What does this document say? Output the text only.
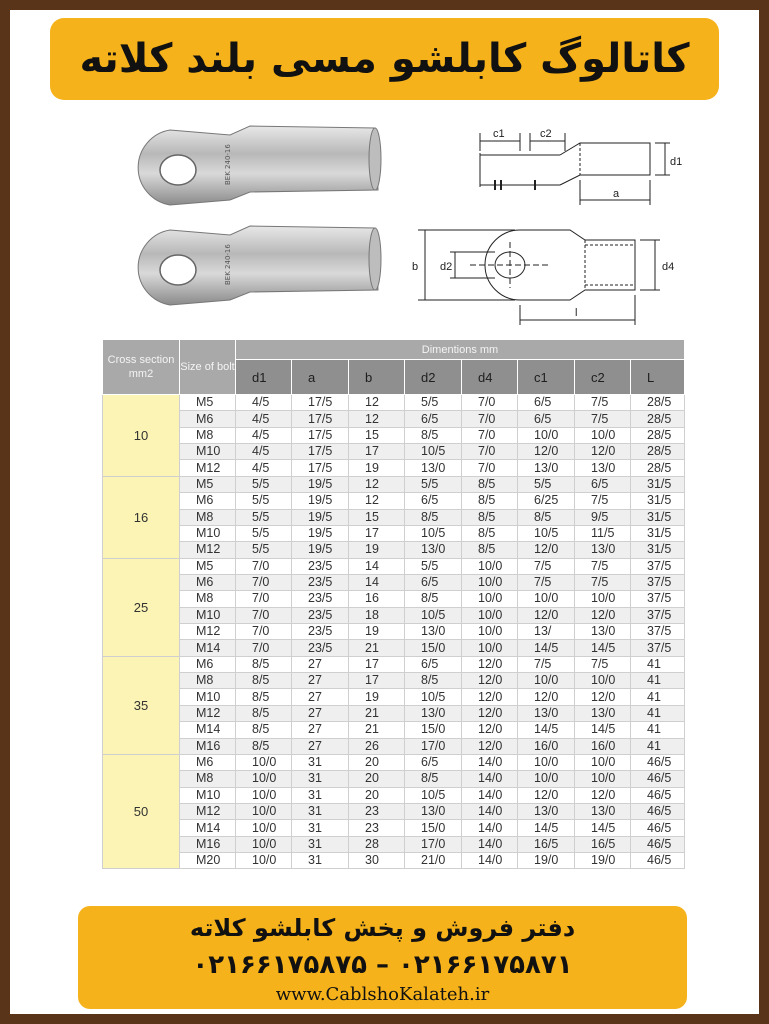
کاتالوگ کابلشو مسی بلند کلاته
BEK 240-16
BEK 240-16
c1	c2
d1
a
b d2	d4
l
Cross section mm2	Size of bolt	Dimentions mm							
		d1	a	b	d2	d4	c1	c2	L
10	M5	4/5	17/5	12	5/5	7/0	6/5	7/5	28/5
	M6	4/5	17/5	12	6/5	7/0	6/5	7/5	28/5
	M8	4/5	17/5	15	8/5	7/0	10/0	10/0	28/5
	M10	4/5	17/5	17	10/5	7/0	12/0	12/0	28/5
	M12	4/5	17/5	19	13/0	7/0	13/0	13/0	28/5
16	M5	5/5	19/5	12	5/5	8/5	5/5	6/5	31/5
	M6	5/5	19/5	12	6/5	8/5	6/25	7/5	31/5
	M8	5/5	19/5	15	8/5	8/5	8/5	9/5	31/5
	M10	5/5	19/5	17	10/5	8/5	10/5	11/5	31/5
	M12	5/5	19/5	19	13/0	8/5	12/0	13/0	31/5
25	M5	7/0	23/5	14	5/5	10/0	7/5	7/5	37/5
	M6	7/0	23/5	14	6/5	10/0	7/5	7/5	37/5
	M8	7/0	23/5	16	8/5	10/0	10/0	10/0	37/5
	M10	7/0	23/5	18	10/5	10/0	12/0	12/0	37/5
	M12	7/0	23/5	19	13/0	10/0	13/	13/0	37/5
	M14	7/0	23/5	21	15/0	10/0	14/5	14/5	37/5
35	M6	8/5	27	17	6/5	12/0	7/5	7/5	41
	M8	8/5	27	17	8/5	12/0	10/0	10/0	41
	M10	8/5	27	19	10/5	12/0	12/0	12/0	41
	M12	8/5	27	21	13/0	12/0	13/0	13/0	41
	M14	8/5	27	21	15/0	12/0	14/5	14/5	41
	M16	8/5	27	26	17/0	12/0	16/0	16/0	41
50	M6	10/0	31	20	6/5	14/0	10/0	10/0	46/5
	M8	10/0	31	20	8/5	14/0	10/0	10/0	46/5
	M10	10/0	31	20	10/5	14/0	12/0	12/0	46/5
	M12	10/0	31	23	13/0	14/0	13/0	13/0	46/5
	M14	10/0	31	23	15/0	14/0	14/5	14/5	46/5
	M16	10/0	31	28	17/0	14/0	16/5	16/5	46/5
	M20	10/0	31	30	21/0	14/0	19/0	19/0	46/5
دفتر فروش و پخش کابلشو کلاته
۰۲۱۶۶۱۷۵۸۷۵ – ۰۲۱۶۶۱۷۵۸۷۱
www.CablshoKalateh.ir
